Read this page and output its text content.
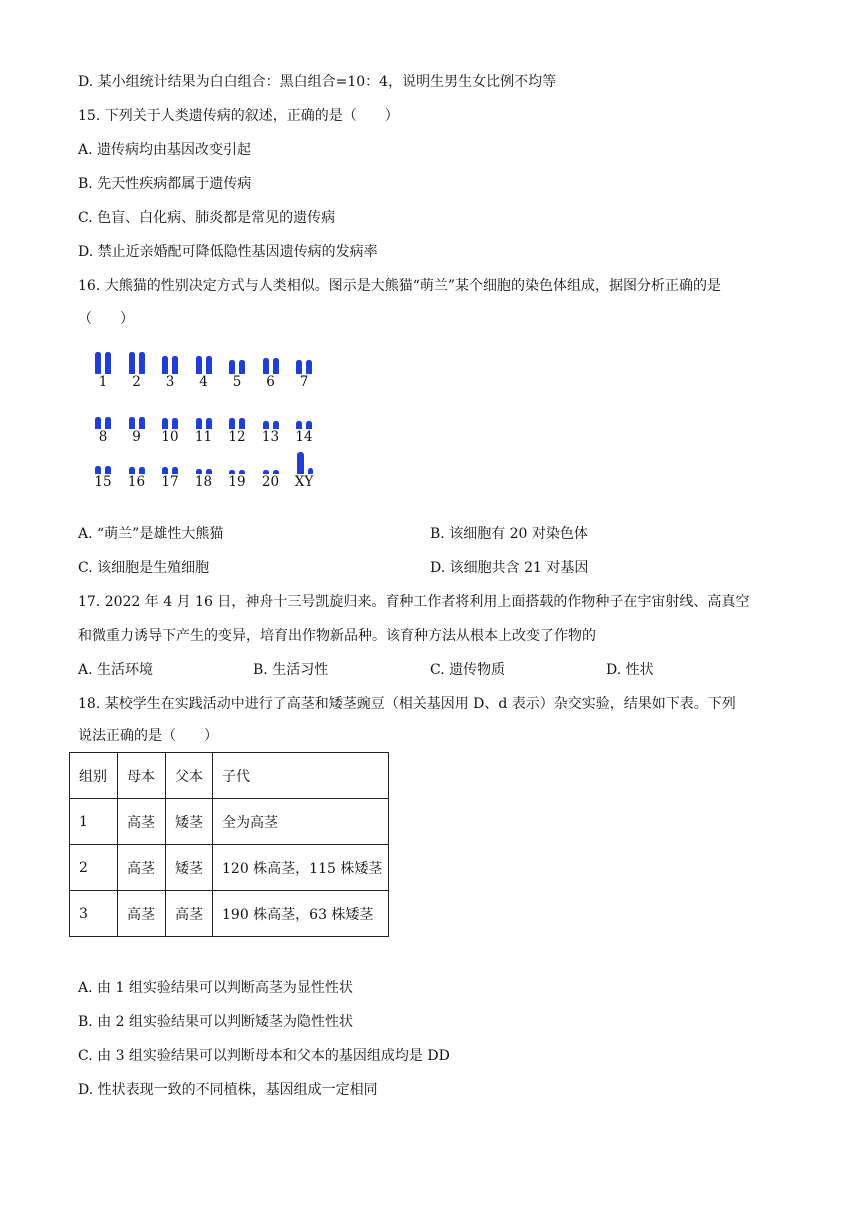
D. 某小组统计结果为白白组合：黑白组合=10：4，说明生男生女比例不均等
15. 下列关于人类遗传病的叙述，正确的是（　　）
A. 遗传病均由基因改变引起
B. 先天性疾病都属于遗传病
C. 色盲、白化病、肺炎都是常见的遗传病
D. 禁止近亲婚配可降低隐性基因遗传病的发病率
16. 大熊猫的性别决定方式与人类相似。图示是大熊猫“萌兰”某个细胞的染色体组成，据图分析正确的是
（　　）
1	2	3	4	5	6	7
8	9	10	11	12	13	14
15	16	17	18	19	20	XY
A. “萌兰”是雄性大熊猫	B. 该细胞有 20 对染色体
C. 该细胞是生殖细胞	D. 该细胞共含 21 对基因
17. 2022 年 4 月 16 日，神舟十三号凯旋归来。育种工作者将利用上面搭载的作物种子在宇宙射线、高真空
和微重力诱导下产生的变异，培育出作物新品种。该育种方法从根本上改变了作物的
A. 生活环境	B. 生活习性	C. 遗传物质	D. 性状
18. 某校学生在实践活动中进行了高茎和矮茎豌豆（相关基因用 D、d 表示）杂交实验，结果如下表。下列
说法正确的是（　　）
组别	母本	父本	子代
1	高茎	矮茎	全为高茎
2	高茎	矮茎	120 株高茎，115 株矮茎
3	高茎	高茎	190 株高茎，63 株矮茎
A. 由 1 组实验结果可以判断高茎为显性性状
B. 由 2 组实验结果可以判断矮茎为隐性性状
C. 由 3 组实验结果可以判断母本和父本的基因组成均是 DD
D. 性状表现一致的不同植株，基因组成一定相同
